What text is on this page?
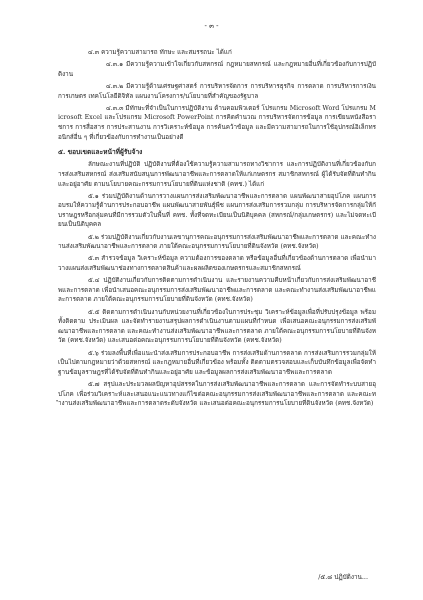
- ๓ -

๔.๓ ความรู้ความสามารถ ทักษะ และสมรรถนะ ได้แก่

๔.๓.๑ มีความรู้ความเข้าใจเกี่ยวกับสหกรณ์ กฎหมายสหกรณ์ และกฎหมายอื่นที่เกี่ยวข้องกับการปฏิบัติงาน

๔.๓.๒ มีความรู้ด้านเศรษฐศาสตร์ การบริหารจัดการ การบริหารธุรกิจ การตลาด การบริหารการเงิน การเกษตร เทคโนโลยีดิจิทัล แผนงานโครงการ/นโยบายที่สำคัญของรัฐบาล

๔.๓.๓ มีทักษะที่จำเป็นในการปฏิบัติงาน ด้านคอมพิวเตอร์ โปรแกรม Microsoft Word โปรแกรม Microsoft Excel และโปรแกรม Microsoft PowerPoint การคิดคำนวณ การบริหารจัดการข้อมูล การเขียนหนังสือราชการ การสื่อสาร การประสานงาน การวิเคราะห์ข้อมูล การค้นคว้าข้อมูล และมีความสามารถในการใช้อุปกรณ์อิเล็กทรอนิกส์อื่น ๆ ที่เกี่ยวข้องกับการทำงานเป็นอย่างดี

๕. ขอบเขตและหน้าที่ผู้รับจ้าง

ลักษณะงานที่ปฏิบัติ ปฏิบัติงานที่ต้องใช้ความรู้ความสามารถทางวิชาการ และการปฏิบัติงานที่เกี่ยวข้องกับการส่งเสริมสหกรณ์ ส่งเสริมสนับสนุนการพัฒนาอาชีพและการตลาดให้แก่เกษตรกร สมาชิกสหกรณ์ ผู้ได้รับจัดที่ดินทำกิน และอยู่อาศัย ตามนโยบายคณะกรรมการนโยบายที่ดินแห่งชาติ (คทช.) ได้แก่

๕.๑ ร่วมปฏิบัติงานด้านการวางแผนการส่งเสริมพัฒนาอาชีพและการตลาด แผนพัฒนาสายอุปโภค แผนการอบรมให้ความรู้ด้านการประกอบอาชีพ แผนพัฒนาสายพันธุ์พืช แผนการส่งเสริมการรวมกลุ่ม การบริหารจัดการกลุ่มให้กับราษฎรหรือกลุ่มคนที่มีการรวมตัวในพื้นที่ คทช. ทั้งที่จดทะเบียนเป็นนิติบุคคล (สหกรณ์/กลุ่มเกษตรกร) และไม่จดทะเบียนเป็นนิติบุคคล

๕.๒ ร่วมปฏิบัติงานเกี่ยวกับงานเลขานุการคณะอนุกรรมการส่งเสริมพัฒนาอาชีพและการตลาด และคณะทำงานส่งเสริมพัฒนาอาชีพและการตลาด ภายใต้คณะอนุกรรมการนโยบายที่ดินจังหวัด (คทช.จังหวัด)

๕.๓ สำรวจข้อมูล วิเคราะห์ข้อมูล ความต้องการของตลาด หรือข้อมูลอื่นที่เกี่ยวข้องด้านการตลาด เพื่อนำมาวางแผนส่งเสริมพัฒนาช่องทางการตลาดสินค้าและผลผลิตของเกษตรกรและสมาชิกสหกรณ์

๕.๔ ปฏิบัติงานเกี่ยวกับการติดตามการดำเนินงาน และรายงานความคืบหน้าเกี่ยวกับการส่งเสริมพัฒนาอาชีพและการตลาด เพื่อนำเสนอคณะอนุกรรมการส่งเสริมพัฒนาอาชีพและการตลาด และคณะทำงานส่งเสริมพัฒนาอาชีพและการตลาด ภายใต้คณะอนุกรรมการนโยบายที่ดินจังหวัด (คทช.จังหวัด)

๕.๕ ติดตามการดำเนินงานกับหน่วยงานที่เกี่ยวข้องในการประชุม วิเคราะห์ข้อมูลเพื่อที่ปรับปรุงข้อมูล พร้อมทั้งติดตาม ประเมินผล และจัดทำรายงานสรุปผลการดำเนินงานตามแผนที่กำหนด เพื่อเสนอคณะอนุกรรมการส่งเสริมพัฒนาอาชีพและการตลาด และคณะทำงานส่งเสริมพัฒนาอาชีพและการตลาด ภายใต้คณะอนุกรรมการนโยบายที่ดินจังหวัด (คทช.จังหวัด) และเสนอต่อคณะอนุกรรมการนโยบายที่ดินจังหวัด (คทช.จังหวัด)

๕.๖ ร่วมลงพื้นที่เพื่อแนะนำส่งเสริมการประกอบอาชีพ การส่งเสริมด้านการตลาด การส่งเสริมการรวมกลุ่มให้เป็นไปตามกฎหมายว่าด้วยสหกรณ์ และกฎหมายอื่นที่เกี่ยวข้อง พร้อมทั้ง ติดตามตรวจสอบและเก็บบันทึกข้อมูลเพื่อจัดทำฐานข้อมูลราษฎรที่ได้รับจัดที่ดินทำกินและอยู่อาศัย และข้อมูลผลการส่งเสริมพัฒนาอาชีพและการตลาด

๕.๗ สรุปและประมวลผลปัญหาอุปสรรคในการส่งเสริมพัฒนาอาชีพและการตลาด และการจัดทำระบบสายอุปโภค เพื่อร่วมวิเคราะห์และเสนอแนะแนวทางแก้ไขต่อคณะอนุกรรมการส่งเสริมพัฒนาอาชีพและการตลาด และคณะทำงานส่งเสริมพัฒนาอาชีพและการตลาดระดับจังหวัด และเสนอต่อคณะอนุกรรมการนโยบายที่ดินจังหวัด (คทช.จังหวัด)

/๕.๘ ปฏิบัติงาน...
